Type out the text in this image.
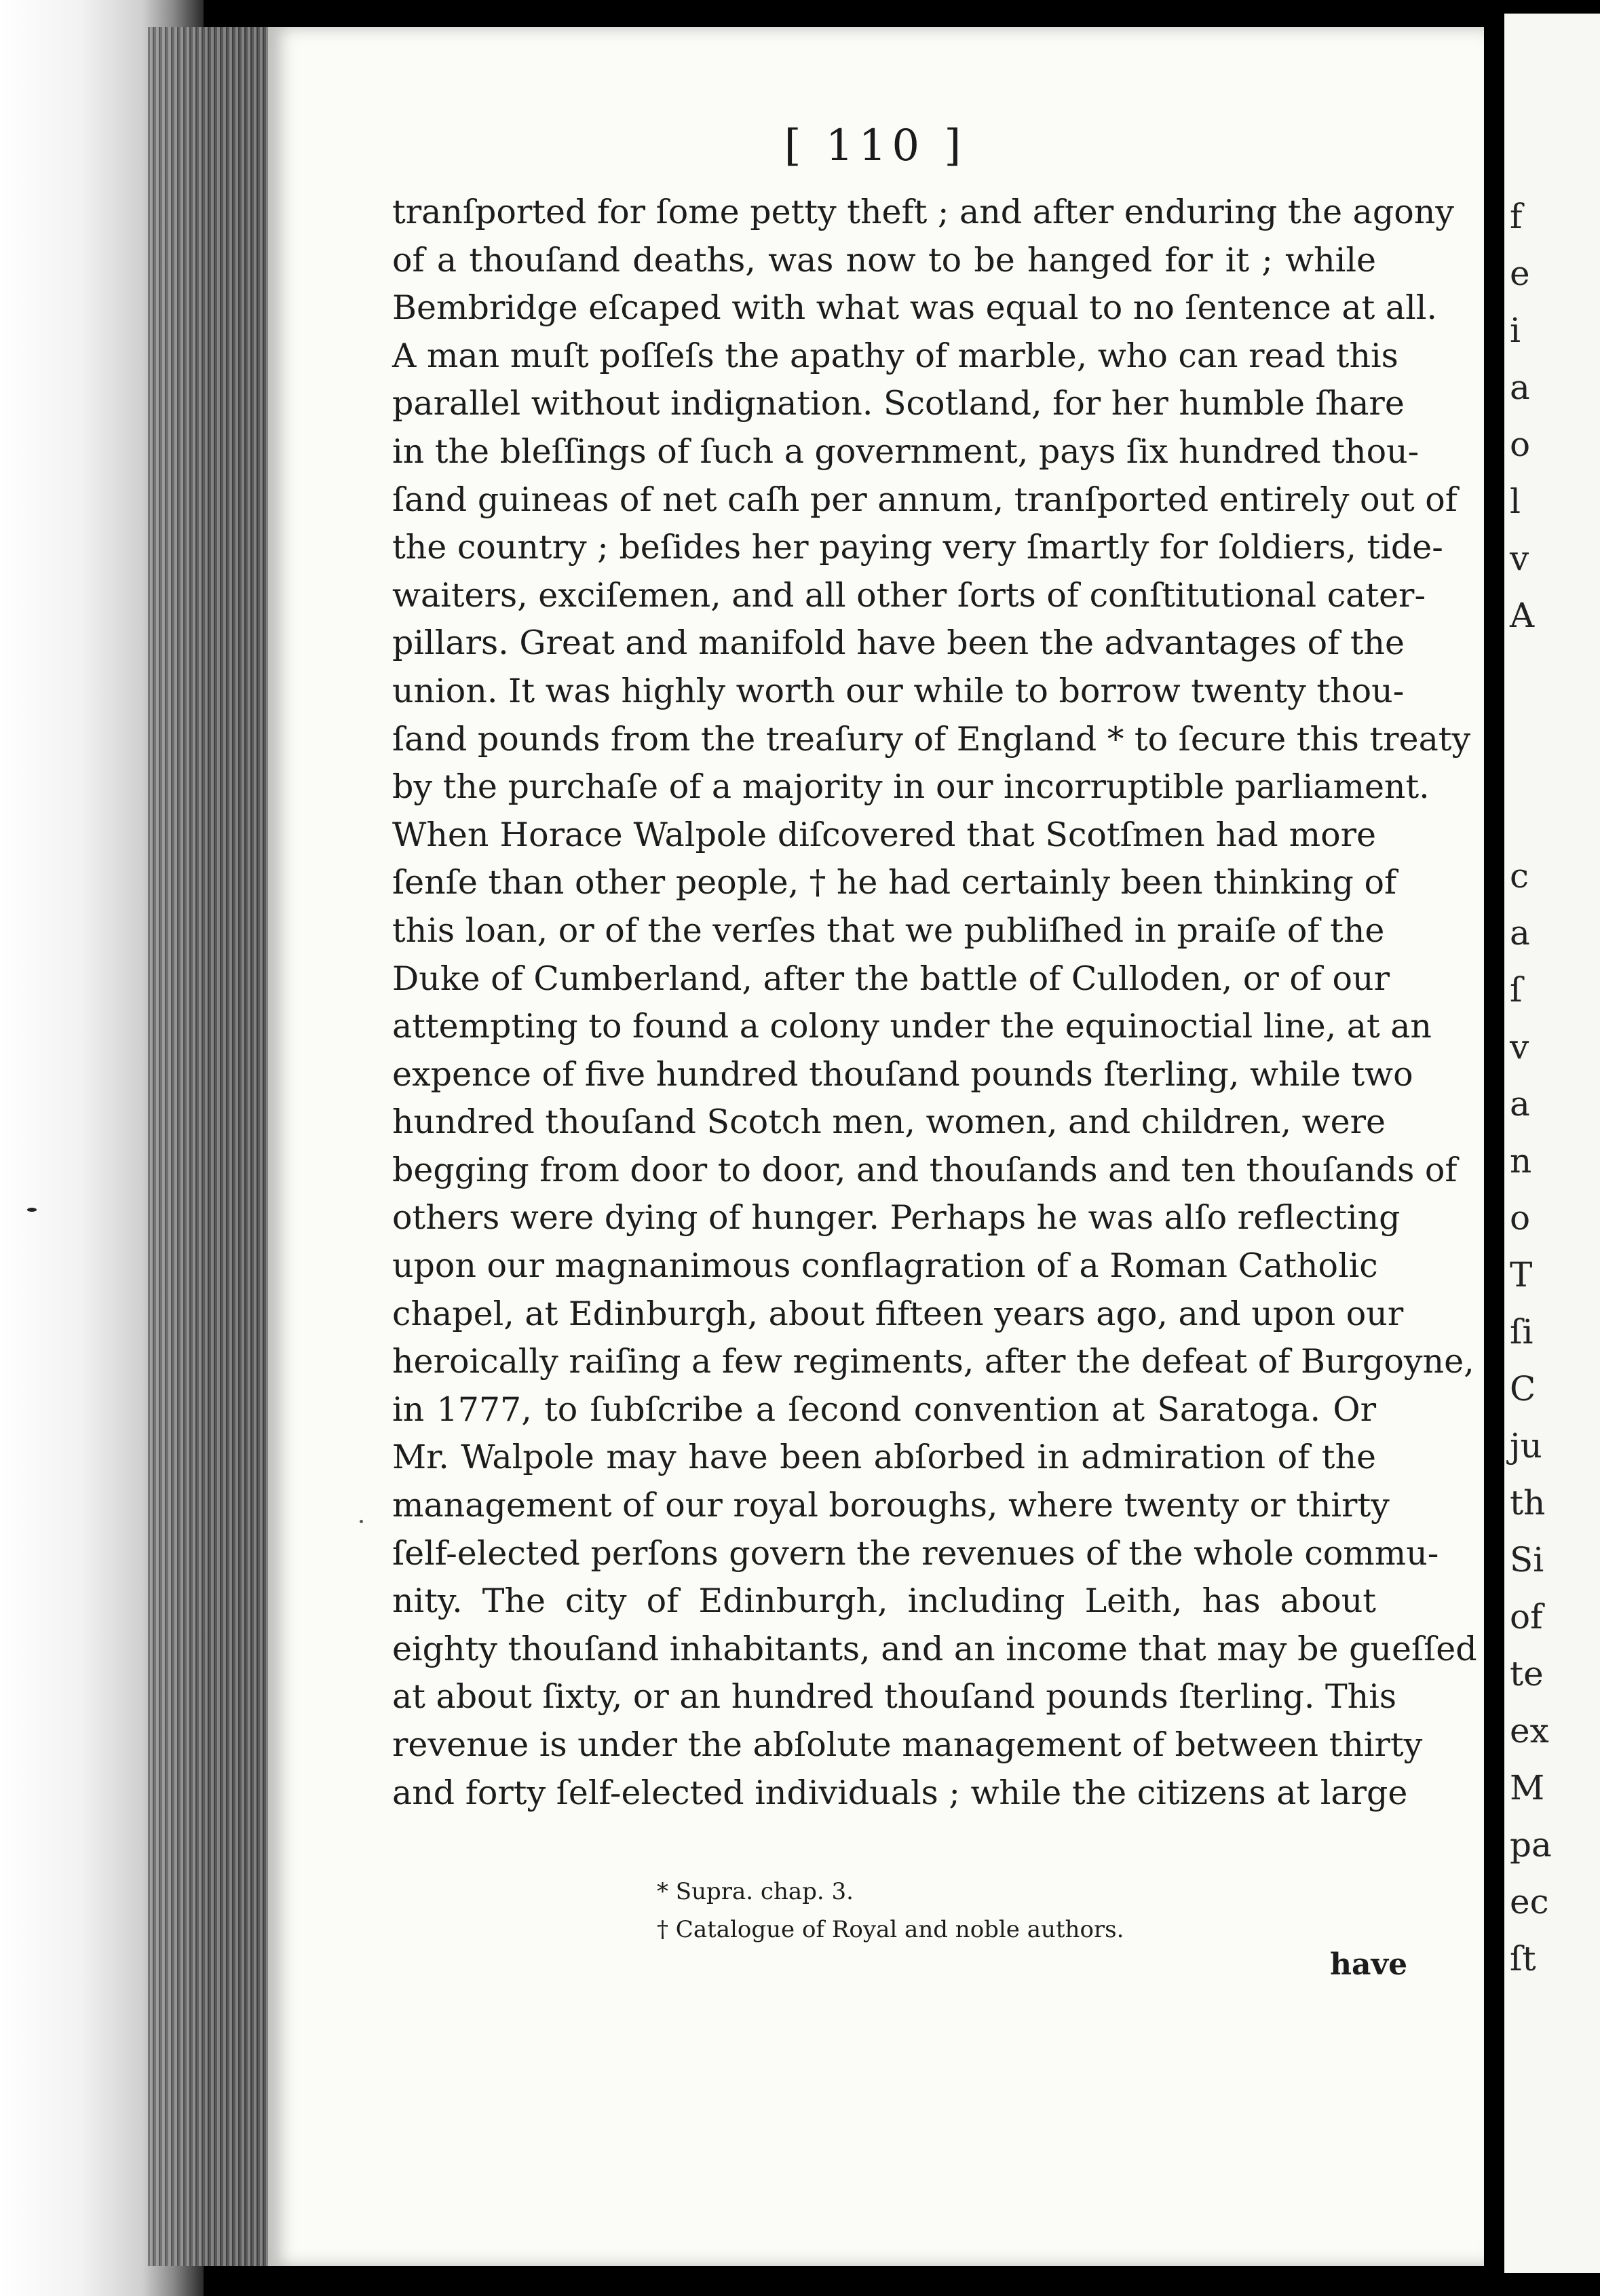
[ 110 ]
tranſported for ſome petty theft ; and after enduring the agony
of a thouſand deaths, was now to be hanged for it ; while
Bembridge eſcaped with what was equal to no ſentence at all.
A man muſt poſſeſs the apathy of marble, who can read this
parallel without indignation. Scotland, for her humble ſhare
in the bleſſings of ſuch a government, pays ſix hundred thou-
ſand guineas of net caſh per annum, tranſported entirely out of
the country ; beſides her paying very ſmartly for ſoldiers, tide-
waiters, exciſemen, and all other ſorts of conſtitutional cater-
pillars. Great and manifold have been the advantages of the
union. It was highly worth our while to borrow twenty thou-
ſand pounds from the treaſury of England * to ſecure this treaty
by the purchaſe of a majority in our incorruptible parliament.
When Horace Walpole diſcovered that Scotſmen had more
ſenſe than other people, † he had certainly been thinking of
this loan, or of the verſes that we publiſhed in praiſe of the
Duke of Cumberland, after the battle of Culloden, or of our
attempting to found a colony under the equinoctial line, at an
expence of five hundred thouſand pounds ſterling, while two
hundred thouſand Scotch men, women, and children, were
begging from door to door, and thouſands and ten thouſands of
others were dying of hunger. Perhaps he was alſo reflecting
upon our magnanimous conflagration of a Roman Catholic
chapel, at Edinburgh, about fifteen years ago, and upon our
heroically raiſing a few regiments, after the defeat of Burgoyne,
in 1777, to ſubſcribe a ſecond convention at Saratoga. Or
Mr. Walpole may have been abſorbed in admiration of the
management of our royal boroughs, where twenty or thirty
ſelf-elected perſons govern the revenues of the whole commu-
nity. The city of Edinburgh, including Leith, has about
eighty thouſand inhabitants, and an income that may be gueſſed
at about ſixty, or an hundred thouſand pounds ſterling. This
revenue is under the abſolute management of between thirty
and forty ſelf-elected individuals ; while the citizens at large
* Supra. chap. 3.
† Catalogue of Royal and noble authors.
have
f
e
i
a
o
l
v
A
c
a
ſ
v
a
n
o
T
ſi
C
ju
th
Si
of
te
ex
M
pa
ec
ſt
